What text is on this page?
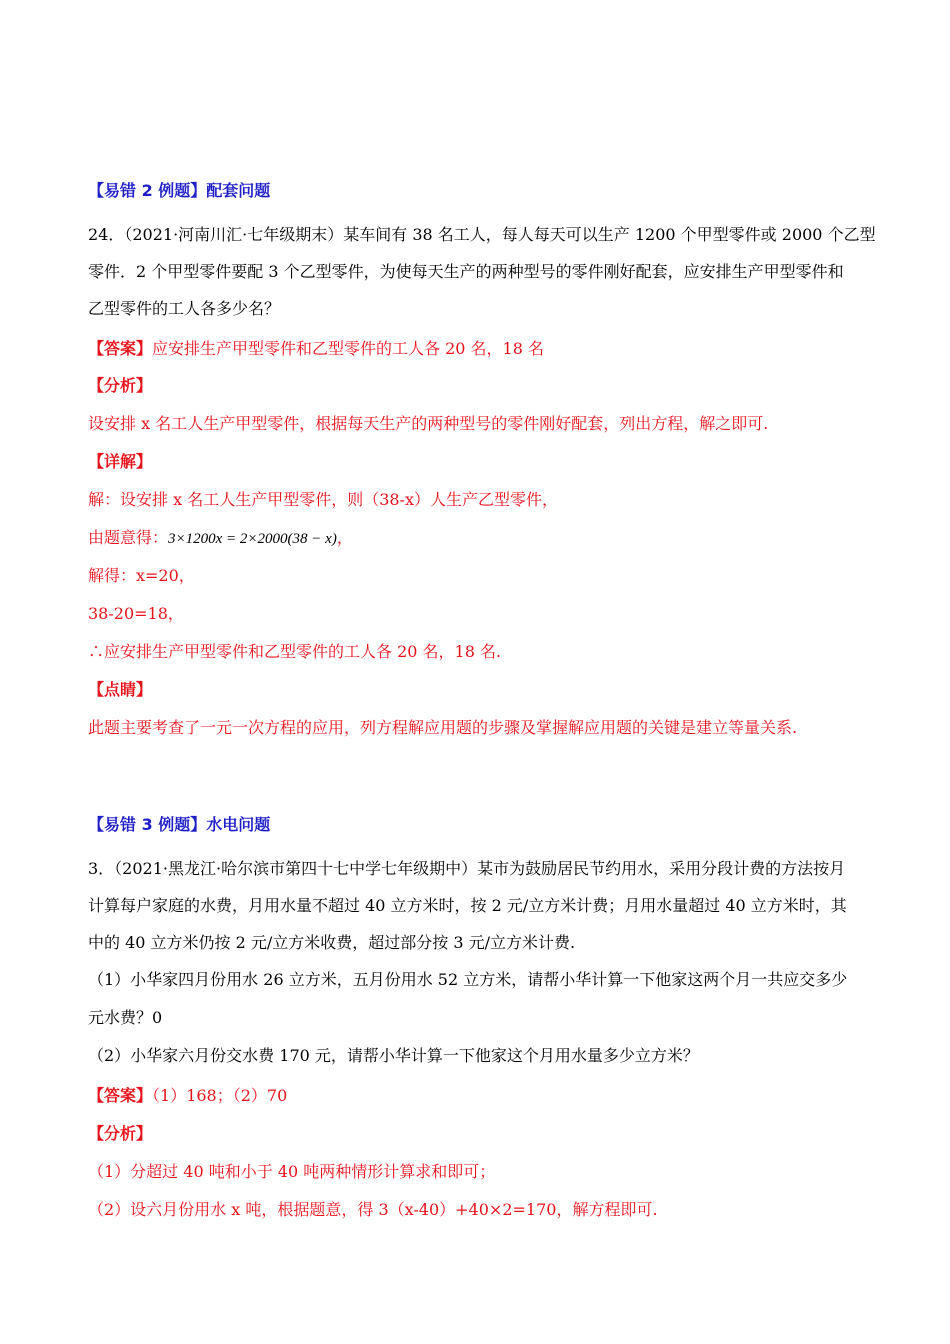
【易错 2 例题】配套问题
24．（2021·河南川汇·七年级期末）某车间有 38 名工人，每人每天可以生产 1200 个甲型零件或 2000 个乙型
零件．2 个甲型零件要配 3 个乙型零件，为使每天生产的两种型号的零件刚好配套，应安排生产甲型零件和
乙型零件的工人各多少名？
【答案】应安排生产甲型零件和乙型零件的工人各 20 名，18 名
【分析】
设安排 x 名工人生产甲型零件，根据每天生产的两种型号的零件刚好配套，列出方程，解之即可.
【详解】
解：设安排 x 名工人生产甲型零件，则（38-x）人生产乙型零件，
由题意得：3×1200x = 2×2000(38 − x)，
解得：x=20，
38-20=18，
∴应安排生产甲型零件和乙型零件的工人各 20 名，18 名.
【点睛】
此题主要考查了一元一次方程的应用，列方程解应用题的步骤及掌握解应用题的关键是建立等量关系.
【易错 3 例题】水电问题
3．（2021·黑龙江·哈尔滨市第四十七中学七年级期中）某市为鼓励居民节约用水，采用分段计费的方法按月
计算每户家庭的水费，月用水量不超过 40 立方米时，按 2 元/立方米计费；月用水量超过 40 立方米时，其
中的 40 立方米仍按 2 元/立方米收费，超过部分按 3 元/立方米计费.
（1）小华家四月份用水 26 立方米，五月份用水 52 立方米，请帮小华计算一下他家这两个月一共应交多少
元水费？0
（2）小华家六月份交水费 170 元，请帮小华计算一下他家这个月用水量多少立方米？
【答案】（1）168；（2）70
【分析】
（1）分超过 40 吨和小于 40 吨两种情形计算求和即可；
（2）设六月份用水 x 吨，根据题意，得 3（x-40）+40×2=170，解方程即可.
